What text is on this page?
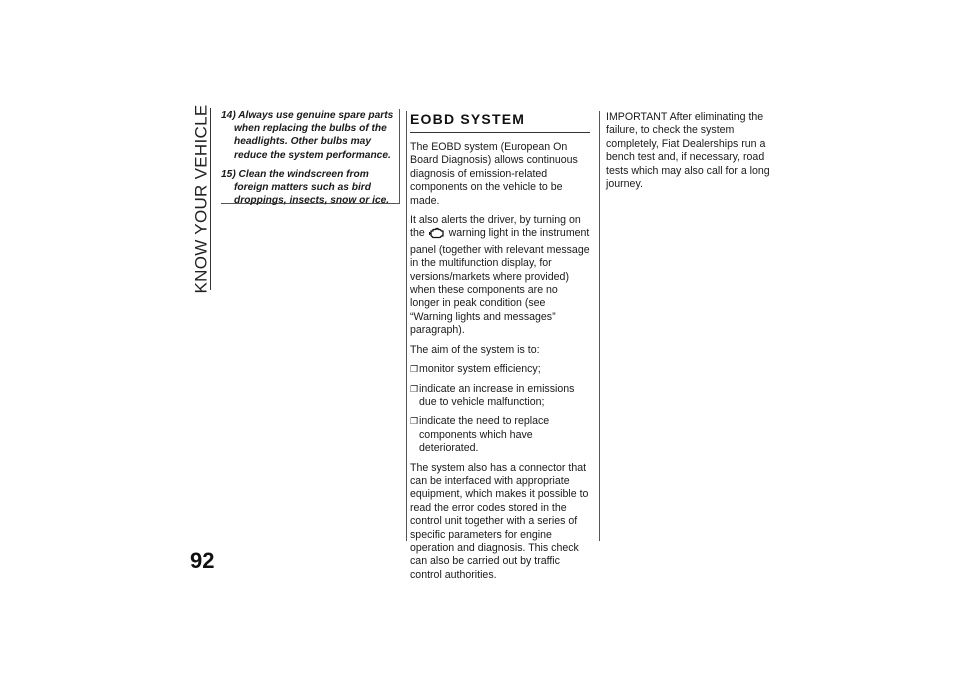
KNOW YOUR VEHICLE
92

14) Always use genuine spare parts when replacing the bulbs of the headlights. Other bulbs may reduce the system performance.

15) Clean the windscreen from foreign matters such as bird droppings, insects, snow or ice.

EOBD SYSTEM

The EOBD system (European On Board Diagnosis) allows continuous diagnosis of emission-related components on the vehicle to be made.

It also alerts the driver, by turning on the warning light in the instrument panel (together with relevant message in the multifunction display, for versions/markets where provided) when these components are no longer in peak condition (see “Warning lights and messages” paragraph).

The aim of the system is to:

❐ monitor system efficiency;
❐ indicate an increase in emissions due to vehicle malfunction;
❐ indicate the need to replace components which have deteriorated.

The system also has a connector that can be interfaced with appropriate equipment, which makes it possible to read the error codes stored in the control unit together with a series of specific parameters for engine operation and diagnosis. This check can also be carried out by traffic control authorities.

IMPORTANT After eliminating the failure, to check the system completely, Fiat Dealerships run a bench test and, if necessary, road tests which may also call for a long journey.
